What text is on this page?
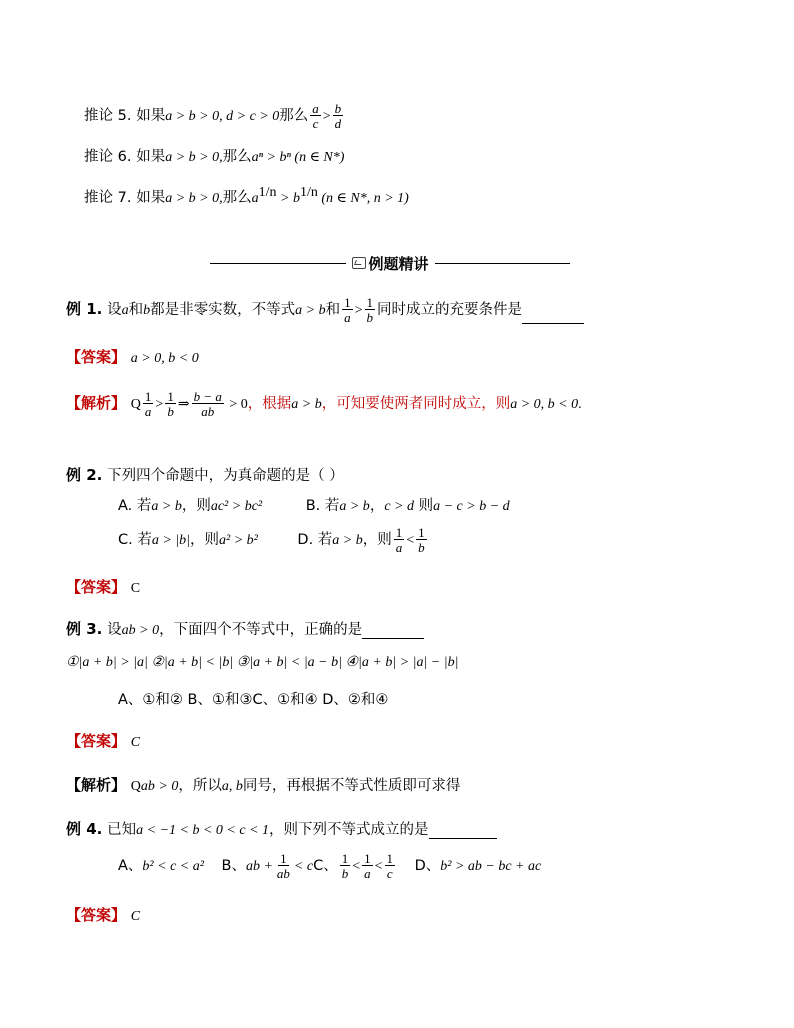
推论 5. 如果a > b > 0, d > c > 0那么 $\frac{a}{c} > \frac{b}{d}$
推论 6. 如果a > b > 0,那么aⁿ > bⁿ (n ∈ N*)
推论 7. 如果a > b > 0,那么$a^{1/n} > b^{1/n}$ (n ∈ N*, n > 1)
例题精讲
例 1. 设a和b都是非零实数，不等式a > b和 $\frac{1}{a} > \frac{1}{b}$ 同时成立的充要条件是
【答案】 a > 0, b < 0
【解析】 Q $\frac{1}{a} > \frac{1}{b}$ ⇒ $\frac{b - a}{ab} > 0$，根据a > b，可知要使两者同时成立，则a > 0, b < 0.
例 2. 下列四个命题中，为真命题的是（ ）
A. 若a > b，则ac² > bc²	B. 若a > b，c > d 则a − c > b − d
C. 若a > |b|，则a² > b²	D. 若a > b，则 $\frac{1}{a} < \frac{1}{b}$
【答案】 C
例 3. 设ab > 0，下面四个不等式中，正确的是
①|a + b| > |a| ②|a + b| < |b| ③|a + b| < |a − b| ④|a + b| > |a| − |b|
A、①和② B、①和③C、①和④ D、②和④
【答案】 C
【解析】 Qab > 0，所以a, b同号，再根据不等式性质即可求得
例 4. 已知a < −1 < b < 0 < c < 1，则下列不等式成立的是
A、b² < c < a² B、ab + $\frac{1}{ab}$ < cC、 $\frac{1}{b} < \frac{1}{a} < \frac{1}{c}$ D、b² > ab − bc + ac
【答案】 C
